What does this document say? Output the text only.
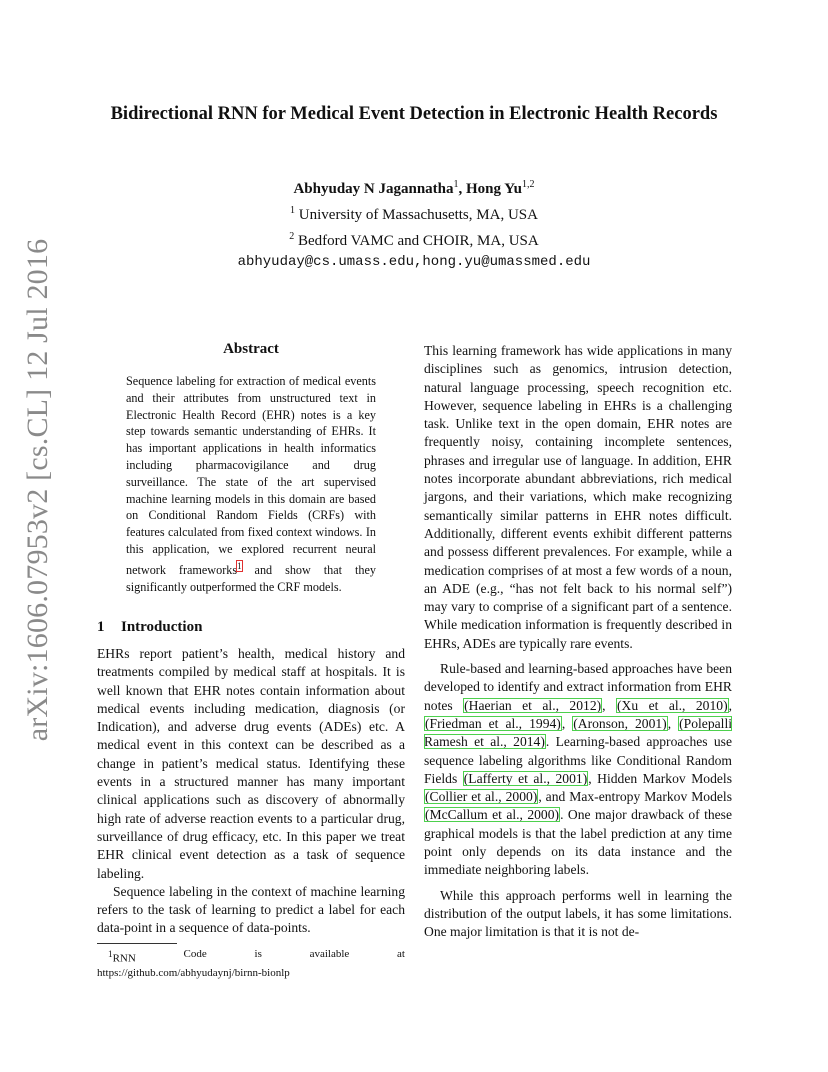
arXiv:1606.07953v2 [cs.CL] 12 Jul 2016
Bidirectional RNN for Medical Event Detection in Electronic Health Records
Abhyuday N Jagannatha$^1$, Hong Yu$^{1,2}$
$^1$ University of Massachusetts, MA, USA
$^2$ Bedford VAMC and CHOIR, MA, USA
abhyuday@cs.umass.edu,hong.yu@umassmed.edu
Abstract
Sequence labeling for extraction of medical events and their attributes from unstructured text in Electronic Health Record (EHR) notes is a key step towards semantic understanding of EHRs. It has important applications in health informatics including pharmacovigilance and drug surveillance. The state of the art supervised machine learning models in this domain are based on Conditional Random Fields (CRFs) with features calculated from fixed context windows. In this application, we explored recurrent neural network frameworks$^1$ and show that they significantly outperformed the CRF models.
1 Introduction

EHRs report patient’s health, medical history and treatments compiled by medical staff at hospitals. It is well known that EHR notes contain information about medical events including medication, diagnosis (or Indication), and adverse drug events (ADEs) etc. A medical event in this context can be described as a change in patient’s medical status. Identifying these events in a structured manner has many important clinical applications such as discovery of abnormally high rate of adverse reaction events to a particular drug, surveillance of drug efficacy, etc. In this paper we treat EHR clinical event detection as a task of sequence labeling.

Sequence labeling in the context of machine learning refers to the task of learning to predict a label for each data-point in a sequence of data-points.

$^1$RNN	Code	is	available	at
https://github.com/abhyudaynj/birnn-bionlp

This learning framework has wide applications in many disciplines such as genomics, intrusion detection, natural language processing, speech recognition etc. However, sequence labeling in EHRs is a challenging task. Unlike text in the open domain, EHR notes are frequently noisy, containing incomplete sentences, phrases and irregular use of language. In addition, EHR notes incorporate abundant abbreviations, rich medical jargons, and their variations, which make recognizing semantically similar patterns in EHR notes difficult. Additionally, different events exhibit different patterns and possess different prevalences. For example, while a medication comprises of at most a few words of a noun, an ADE (e.g., “has not felt back to his normal self”) may vary to comprise of a significant part of a sentence. While medication information is frequently described in EHRs, ADEs are typically rare events.

Rule-based and learning-based approaches have been developed to identify and extract information from EHR notes (Haerian et al., 2012), (Xu et al., 2010), (Friedman et al., 1994), (Aronson, 2001), (Polepalli Ramesh et al., 2014). Learning-based approaches use sequence labeling algorithms like Conditional Random Fields (Lafferty et al., 2001), Hidden Markov Models (Collier et al., 2000), and Max-entropy Markov Models (McCallum et al., 2000). One major drawback of these graphical models is that the label prediction at any time point only depends on its data instance and the immediate neighboring labels.

While this approach performs well in learning the distribution of the output labels, it has some limitations. One major limitation is that it is not de-
